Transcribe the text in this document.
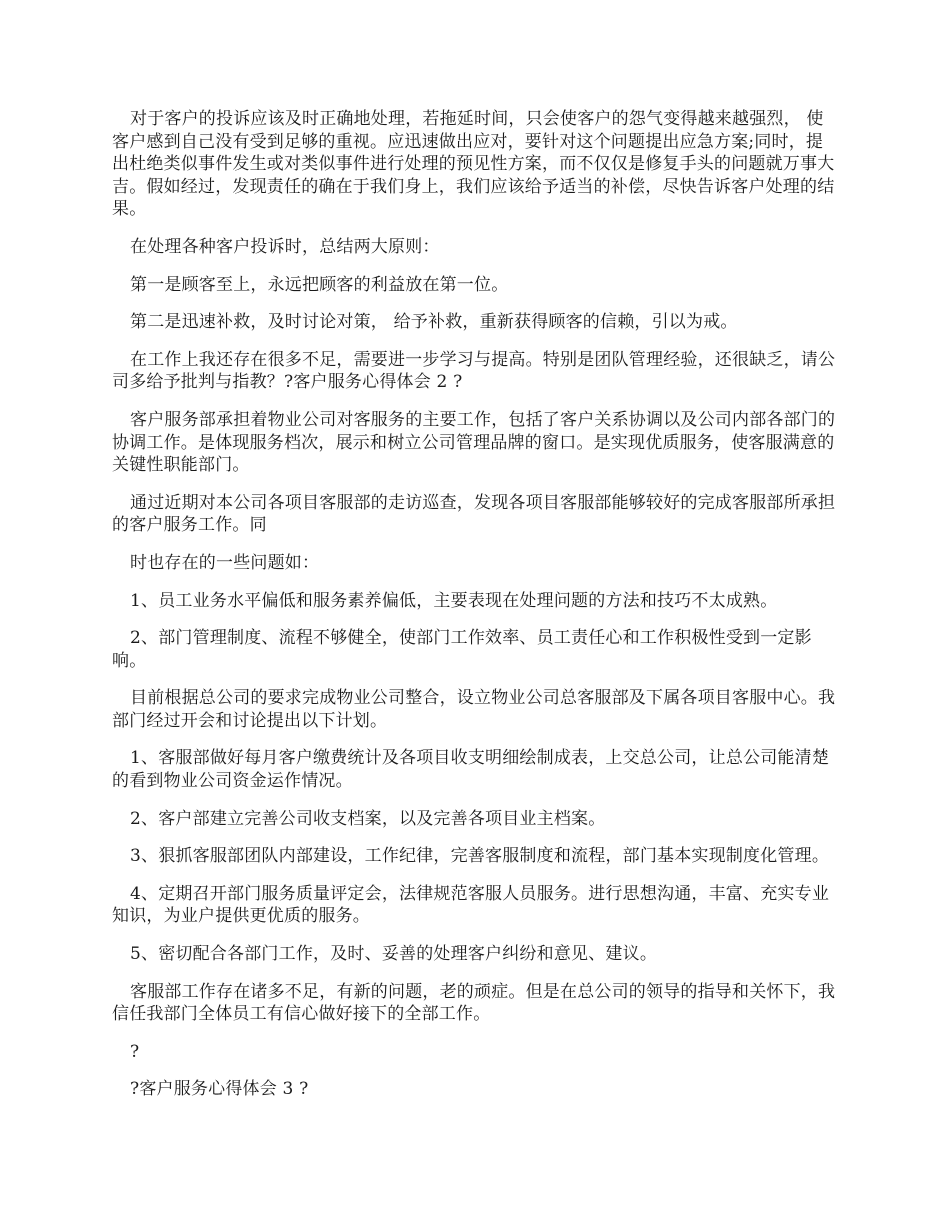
对于客户的投诉应该及时正确地处理，若拖延时间，只会使客户的怨气变得越来越强烈， 使客户感到自己没有受到足够的重视。应迅速做出应对，要针对这个问题提出应急方案;同时，提出杜绝类似事件发生或对类似事件进行处理的预见性方案，而不仅仅是修复手头的问题就万事大吉。假如经过，发现责任的确在于我们身上，我们应该给予适当的补偿，尽快告诉客户处理的结果。

在处理各种客户投诉时，总结两大原则：

第一是顾客至上，永远把顾客的利益放在第一位。

第二是迅速补救，及时讨论对策， 给予补救，重新获得顾客的信赖，引以为戒。

在工作上我还存在很多不足，需要进一步学习与提高。特别是团队管理经验，还很缺乏，请公司多给予批判与指教？?客户服务心得体会 2 ?

客户服务部承担着物业公司对客服务的主要工作，包括了客户关系协调以及公司内部各部门的协调工作。是体现服务档次，展示和树立公司管理品牌的窗口。是实现优质服务，使客服满意的关键性职能部门。

通过近期对本公司各项目客服部的走访巡查，发现各项目客服部能够较好的完成客服部所承担的客户服务工作。同

时也存在的一些问题如：

1、员工业务水平偏低和服务素养偏低，主要表现在处理问题的方法和技巧不太成熟。

2、部门管理制度、流程不够健全，使部门工作效率、员工责任心和工作积极性受到一定影响。

目前根据总公司的要求完成物业公司整合，设立物业公司总客服部及下属各项目客服中心。我部门经过开会和讨论提出以下计划。

1、客服部做好每月客户缴费统计及各项目收支明细绘制成表，上交总公司，让总公司能清楚的看到物业公司资金运作情况。

2、客户部建立完善公司收支档案，以及完善各项目业主档案。

3、狠抓客服部团队内部建设，工作纪律，完善客服制度和流程，部门基本实现制度化管理。

4、定期召开部门服务质量评定会，法律规范客服人员服务。进行思想沟通，丰富、充实专业知识，为业户提供更优质的服务。

5、密切配合各部门工作，及时、妥善的处理客户纠纷和意见、建议。

客服部工作存在诸多不足，有新的问题，老的顽症。但是在总公司的领导的指导和关怀下，我信任我部门全体员工有信心做好接下的全部工作。

?

?客户服务心得体会 3 ?
